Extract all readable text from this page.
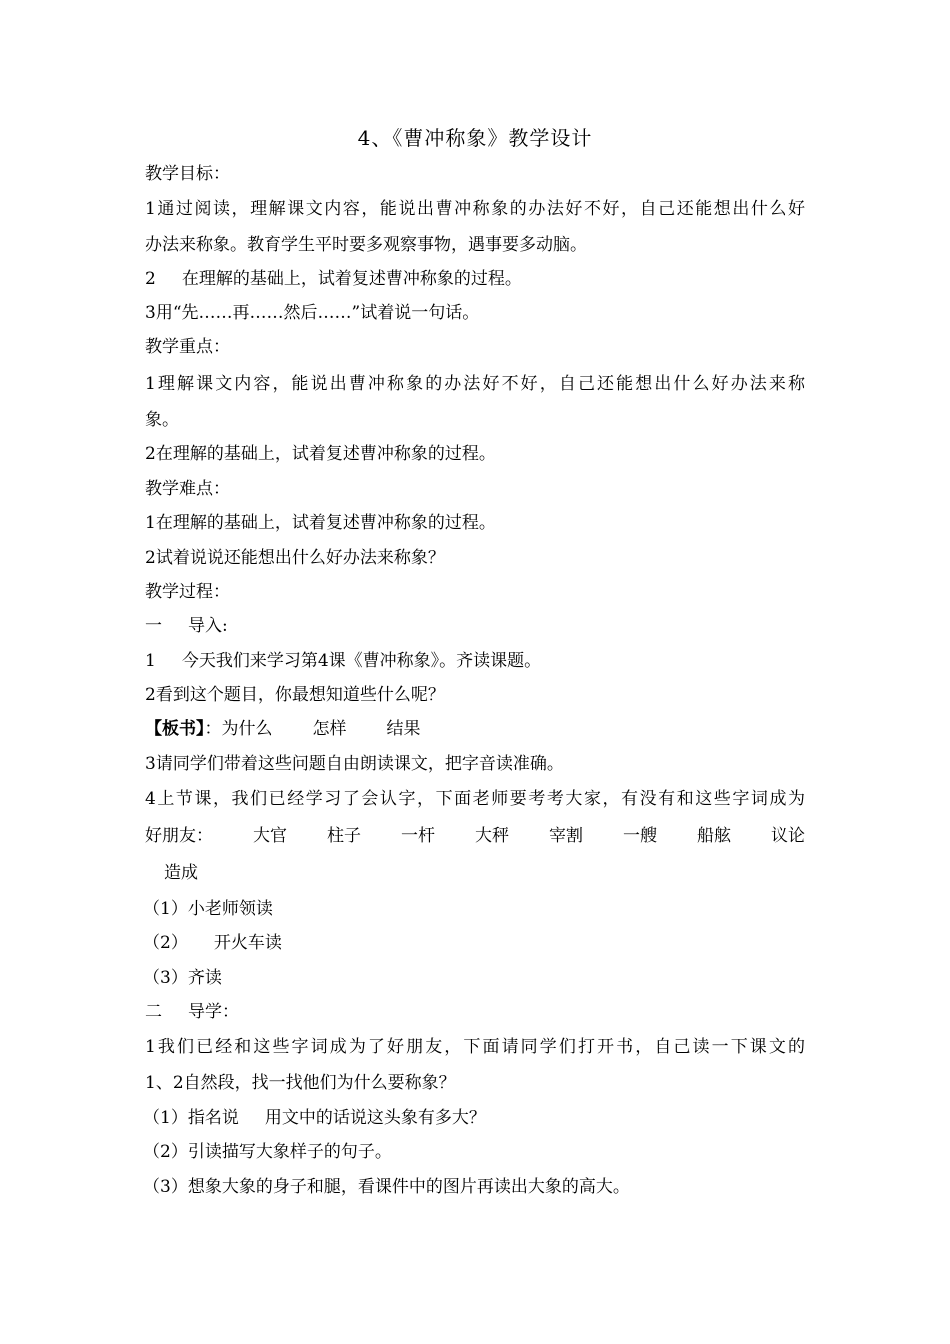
4、《曹冲称象》教学设计
教学目标：
1通过阅读，理解课文内容，能说出曹冲称象的办法好不好，自己还能想出什么好
办法来称象。教育学生平时要多观察事物，遇事要多动脑。
2 在理解的基础上，试着复述曹冲称象的过程。
3用“先……再……然后……”试着说一句话。
教学重点：
1理解课文内容，能说出曹冲称象的办法好不好，自己还能想出什么好办法来称
象。
2在理解的基础上，试着复述曹冲称象的过程。
教学难点：
1在理解的基础上，试着复述曹冲称象的过程。
2试着说说还能想出什么好办法来称象？
教学过程：
一 导入:
1 今天我们来学习第4课《曹冲称象》。齐读课题。
2看到这个题目，你最想知道些什么呢？
【板书】：为什么 怎样 结果
3请同学们带着这些问题自由朗读课文，把字音读准确。
4上节课，我们已经学习了会认字，下面老师要考考大家，有没有和这些字词成为
好朋友： 大官 柱子 一杆 大秤 宰割 一艘 船舷 议论
造成
（1）小老师领读
（2） 开火车读
（3）齐读
二 导学：
1我们已经和这些字词成为了好朋友，下面请同学们打开书，自己读一下课文的
1、2自然段，找一找他们为什么要称象？
（1）指名说 用文中的话说这头象有多大？
（2）引读描写大象样子的句子。
（3）想象大象的身子和腿，看课件中的图片再读出大象的高大。
